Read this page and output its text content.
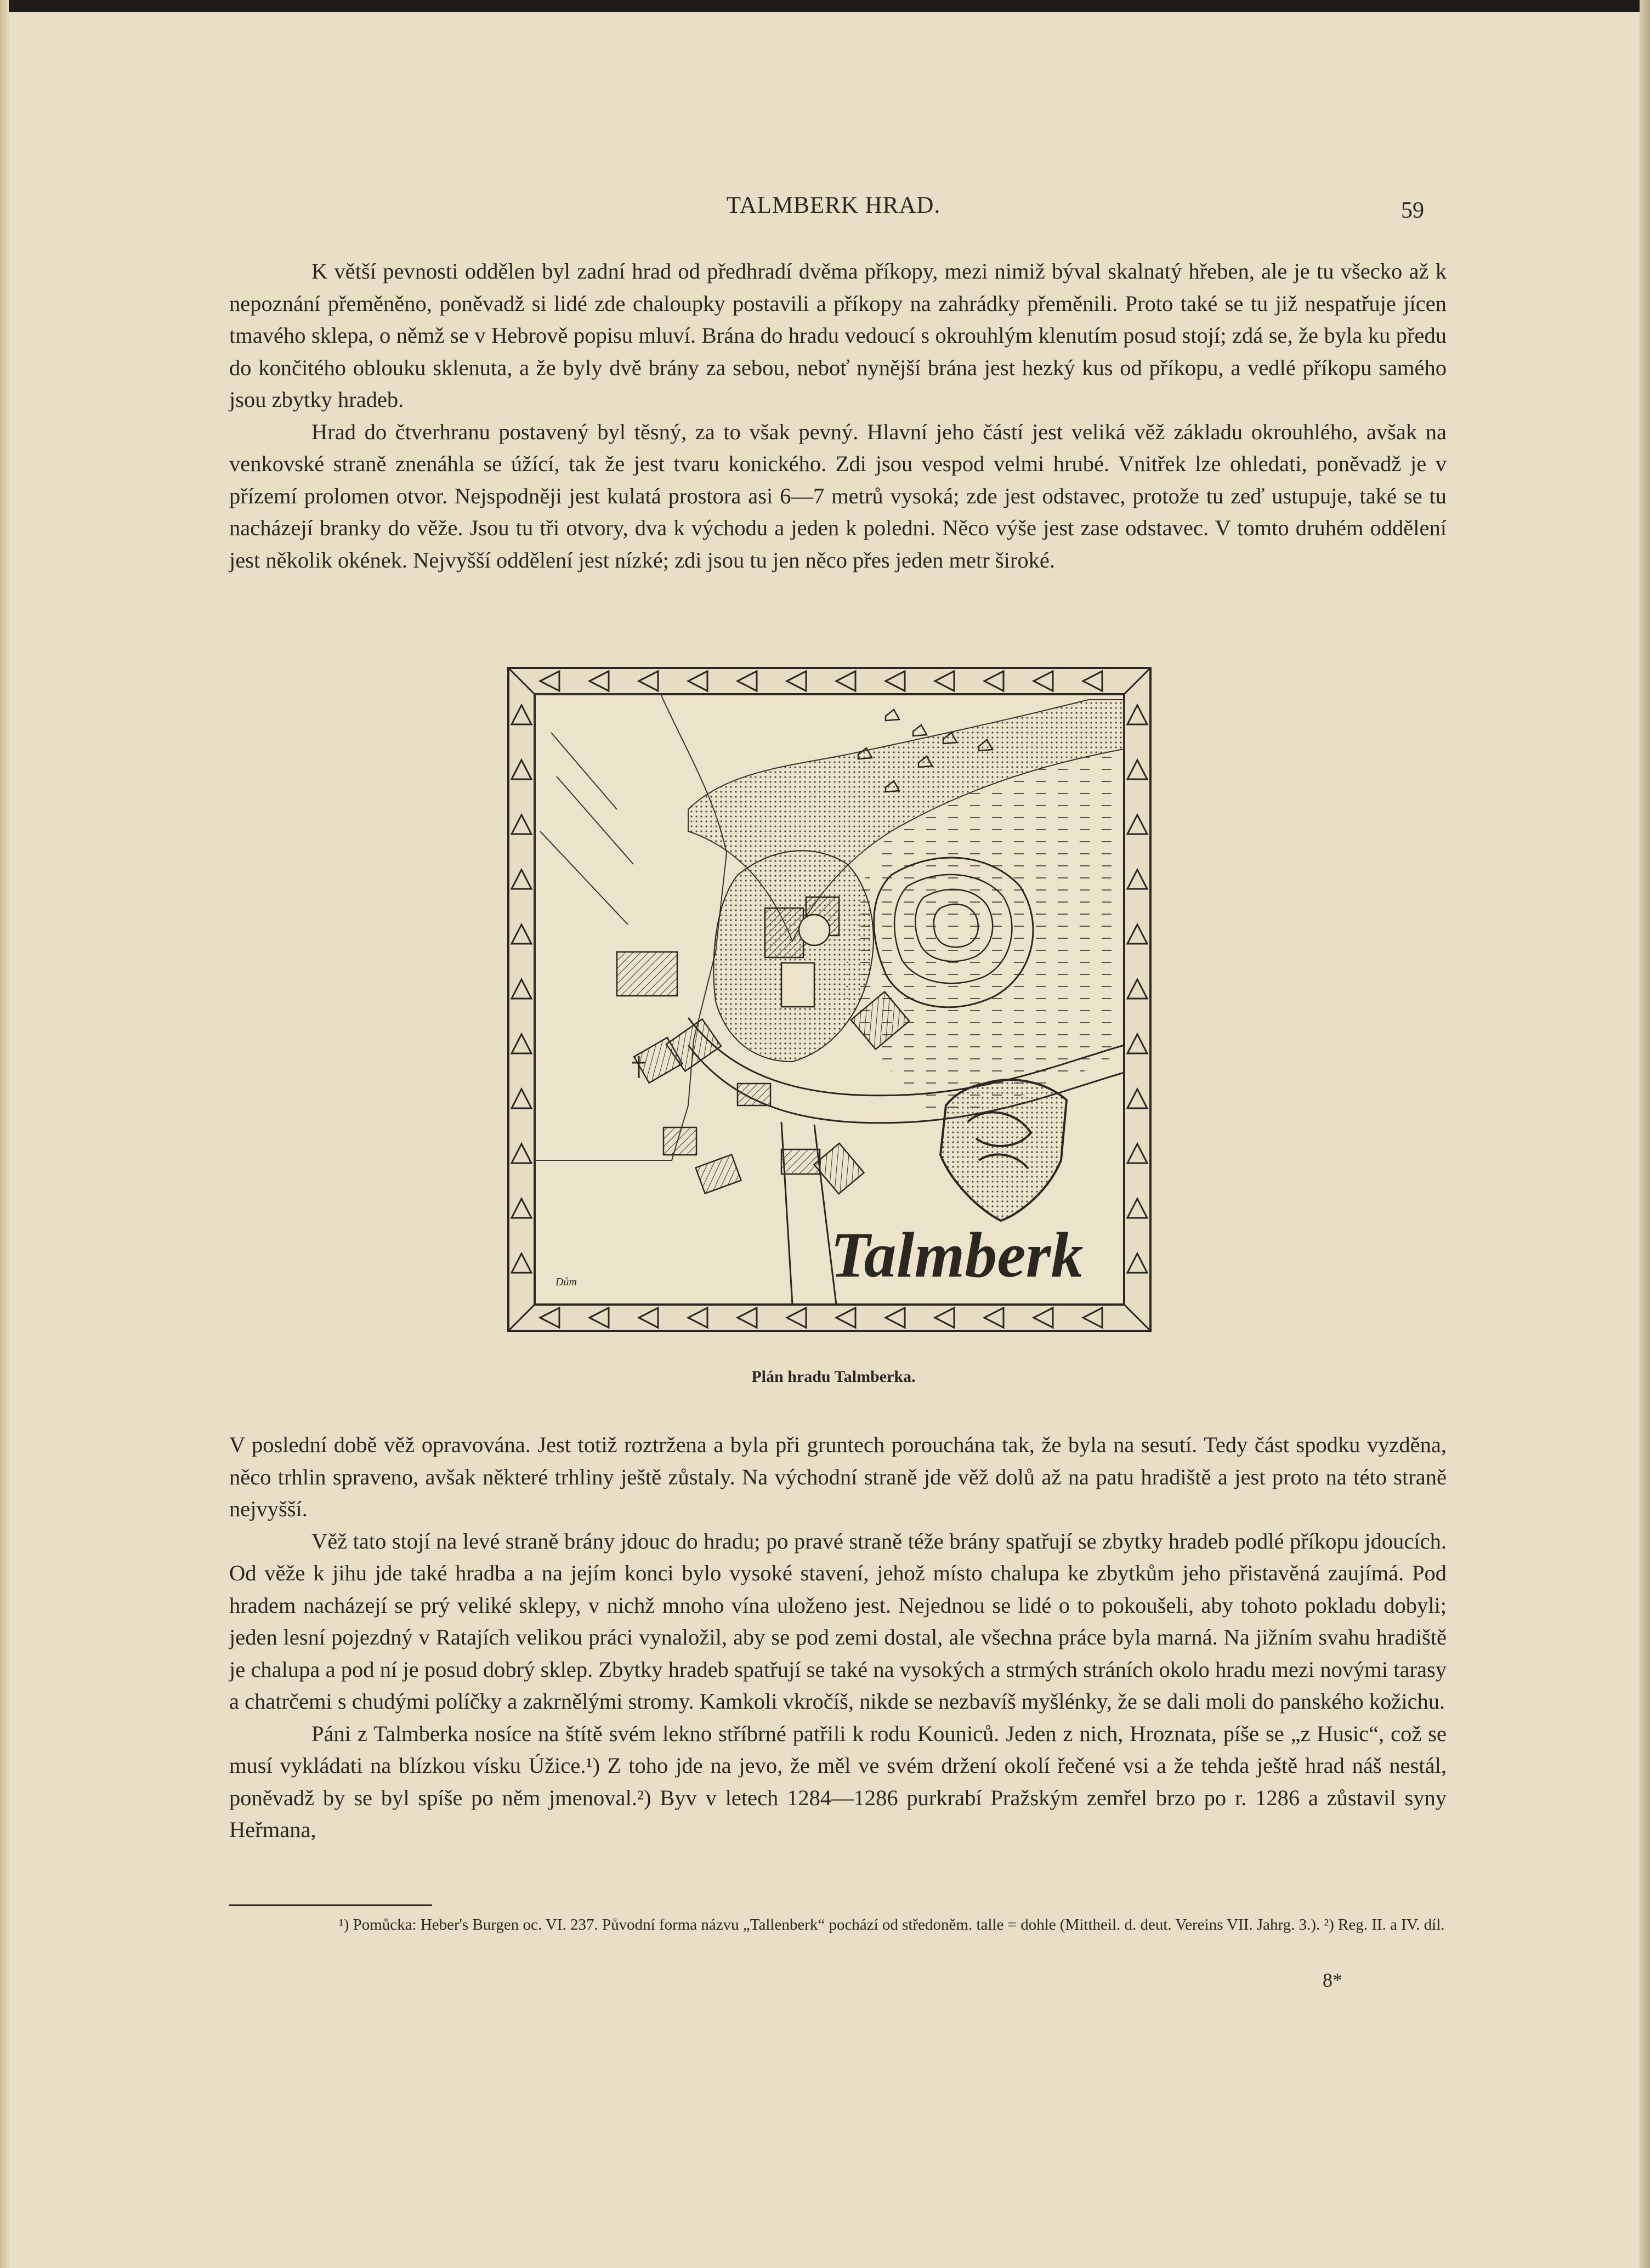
TALMBERK HRAD.	59

K větší pevnosti oddělen byl zadní hrad od předhradí dvěma příkopy, mezi nimiž býval skalnatý hřeben, ale je tu všecko až k nepoznání přeměněno, poněvadž si lidé zde chaloupky postavili a příkopy na zahrádky přeměnili. Proto také se tu již nespatřuje jícen tmavého sklepa, o němž se v Hebrově popisu mluví. Brána do hradu vedoucí s okrouhlým klenutím posud stojí; zdá se, že byla ku předu do končitého oblouku sklenuta, a že byly dvě brány za sebou, neboť nynější brána jest hezký kus od příkopu, a vedlé příkopu samého jsou zbytky hradeb.

Hrad do čtverhranu postavený byl těsný, za to však pevný. Hlavní jeho částí jest veliká věž základu okrouhlého, avšak na venkovské straně znenáhla se úžící, tak že jest tvaru konického. Zdi jsou vespod velmi hrubé. Vnitřek lze ohledati, poněvadž je v přízemí prolomen otvor. Nejspodněji jest kulatá prostora asi 6—7 metrů vysoká; zde jest odstavec, protože tu zeď ustupuje, také se tu nacházejí branky do věže. Jsou tu tři otvory, dva k východu a jeden k poledni. Něco výše jest zase odstavec. V tomto druhém oddělení jest několik okének. Nejvyšší oddělení jest nízké; zdi jsou tu jen něco přes jeden metr široké.

Talmberk
Dům
Plán hradu Talmberka.

V poslední době věž opravována. Jest totiž roztržena a byla při gruntech porouchána tak, že byla na sesutí. Tedy část spodku vyzděna, něco trhlin spraveno, avšak některé trhliny ještě zůstaly. Na východní straně jde věž dolů až na patu hradiště a jest proto na této straně nejvyšší.

Věž tato stojí na levé straně brány jdouc do hradu; po pravé straně téže brány spatřují se zbytky hradeb podlé příkopu jdoucích. Od věže k jihu jde také hradba a na jejím konci bylo vysoké stavení, jehož místo chalupa ke zbytkům jeho přistavěná zaujímá. Pod hradem nacházejí se prý veliké sklepy, v nichž mnoho vína uloženo jest. Nejednou se lidé o to pokoušeli, aby tohoto pokladu dobyli; jeden lesní pojezdný v Ratajích velikou práci vynaložil, aby se pod zemi dostal, ale všechna práce byla marná. Na jižním svahu hradiště je chalupa a pod ní je posud dobrý sklep. Zbytky hradeb spatřují se také na vysokých a strmých stráních okolo hradu mezi novými tarasy a chatrčemi s chudými políčky a zakrnělými stromy. Kamkoli vkročíš, nikde se nezbavíš myšlénky, že se dali moli do panského kožichu.

Páni z Talmberka nosíce na štítě svém lekno stříbrné patřili k rodu Kouniců. Jeden z nich, Hroznata, píše se „z Husic“, což se musí vykládati na blízkou vísku Úžice.¹) Z toho jde na jevo, že měl ve svém držení okolí řečené vsi a že tehda ještě hrad náš nestál, poněvadž by se byl spíše po něm jmenoval.²) Byv v letech 1284—1286 purkrabí Pražským zemřel brzo po r. 1286 a zůstavil syny Heřmana,

¹) Pomůcka: Heber's Burgen oc. VI. 237. Původní forma názvu „Tallenberk“ pochází od středoněm. talle = dohle (Mittheil. d. deut. Vereins VII. Jahrg. 3.). ²) Reg. II. a IV. díl.

8*
